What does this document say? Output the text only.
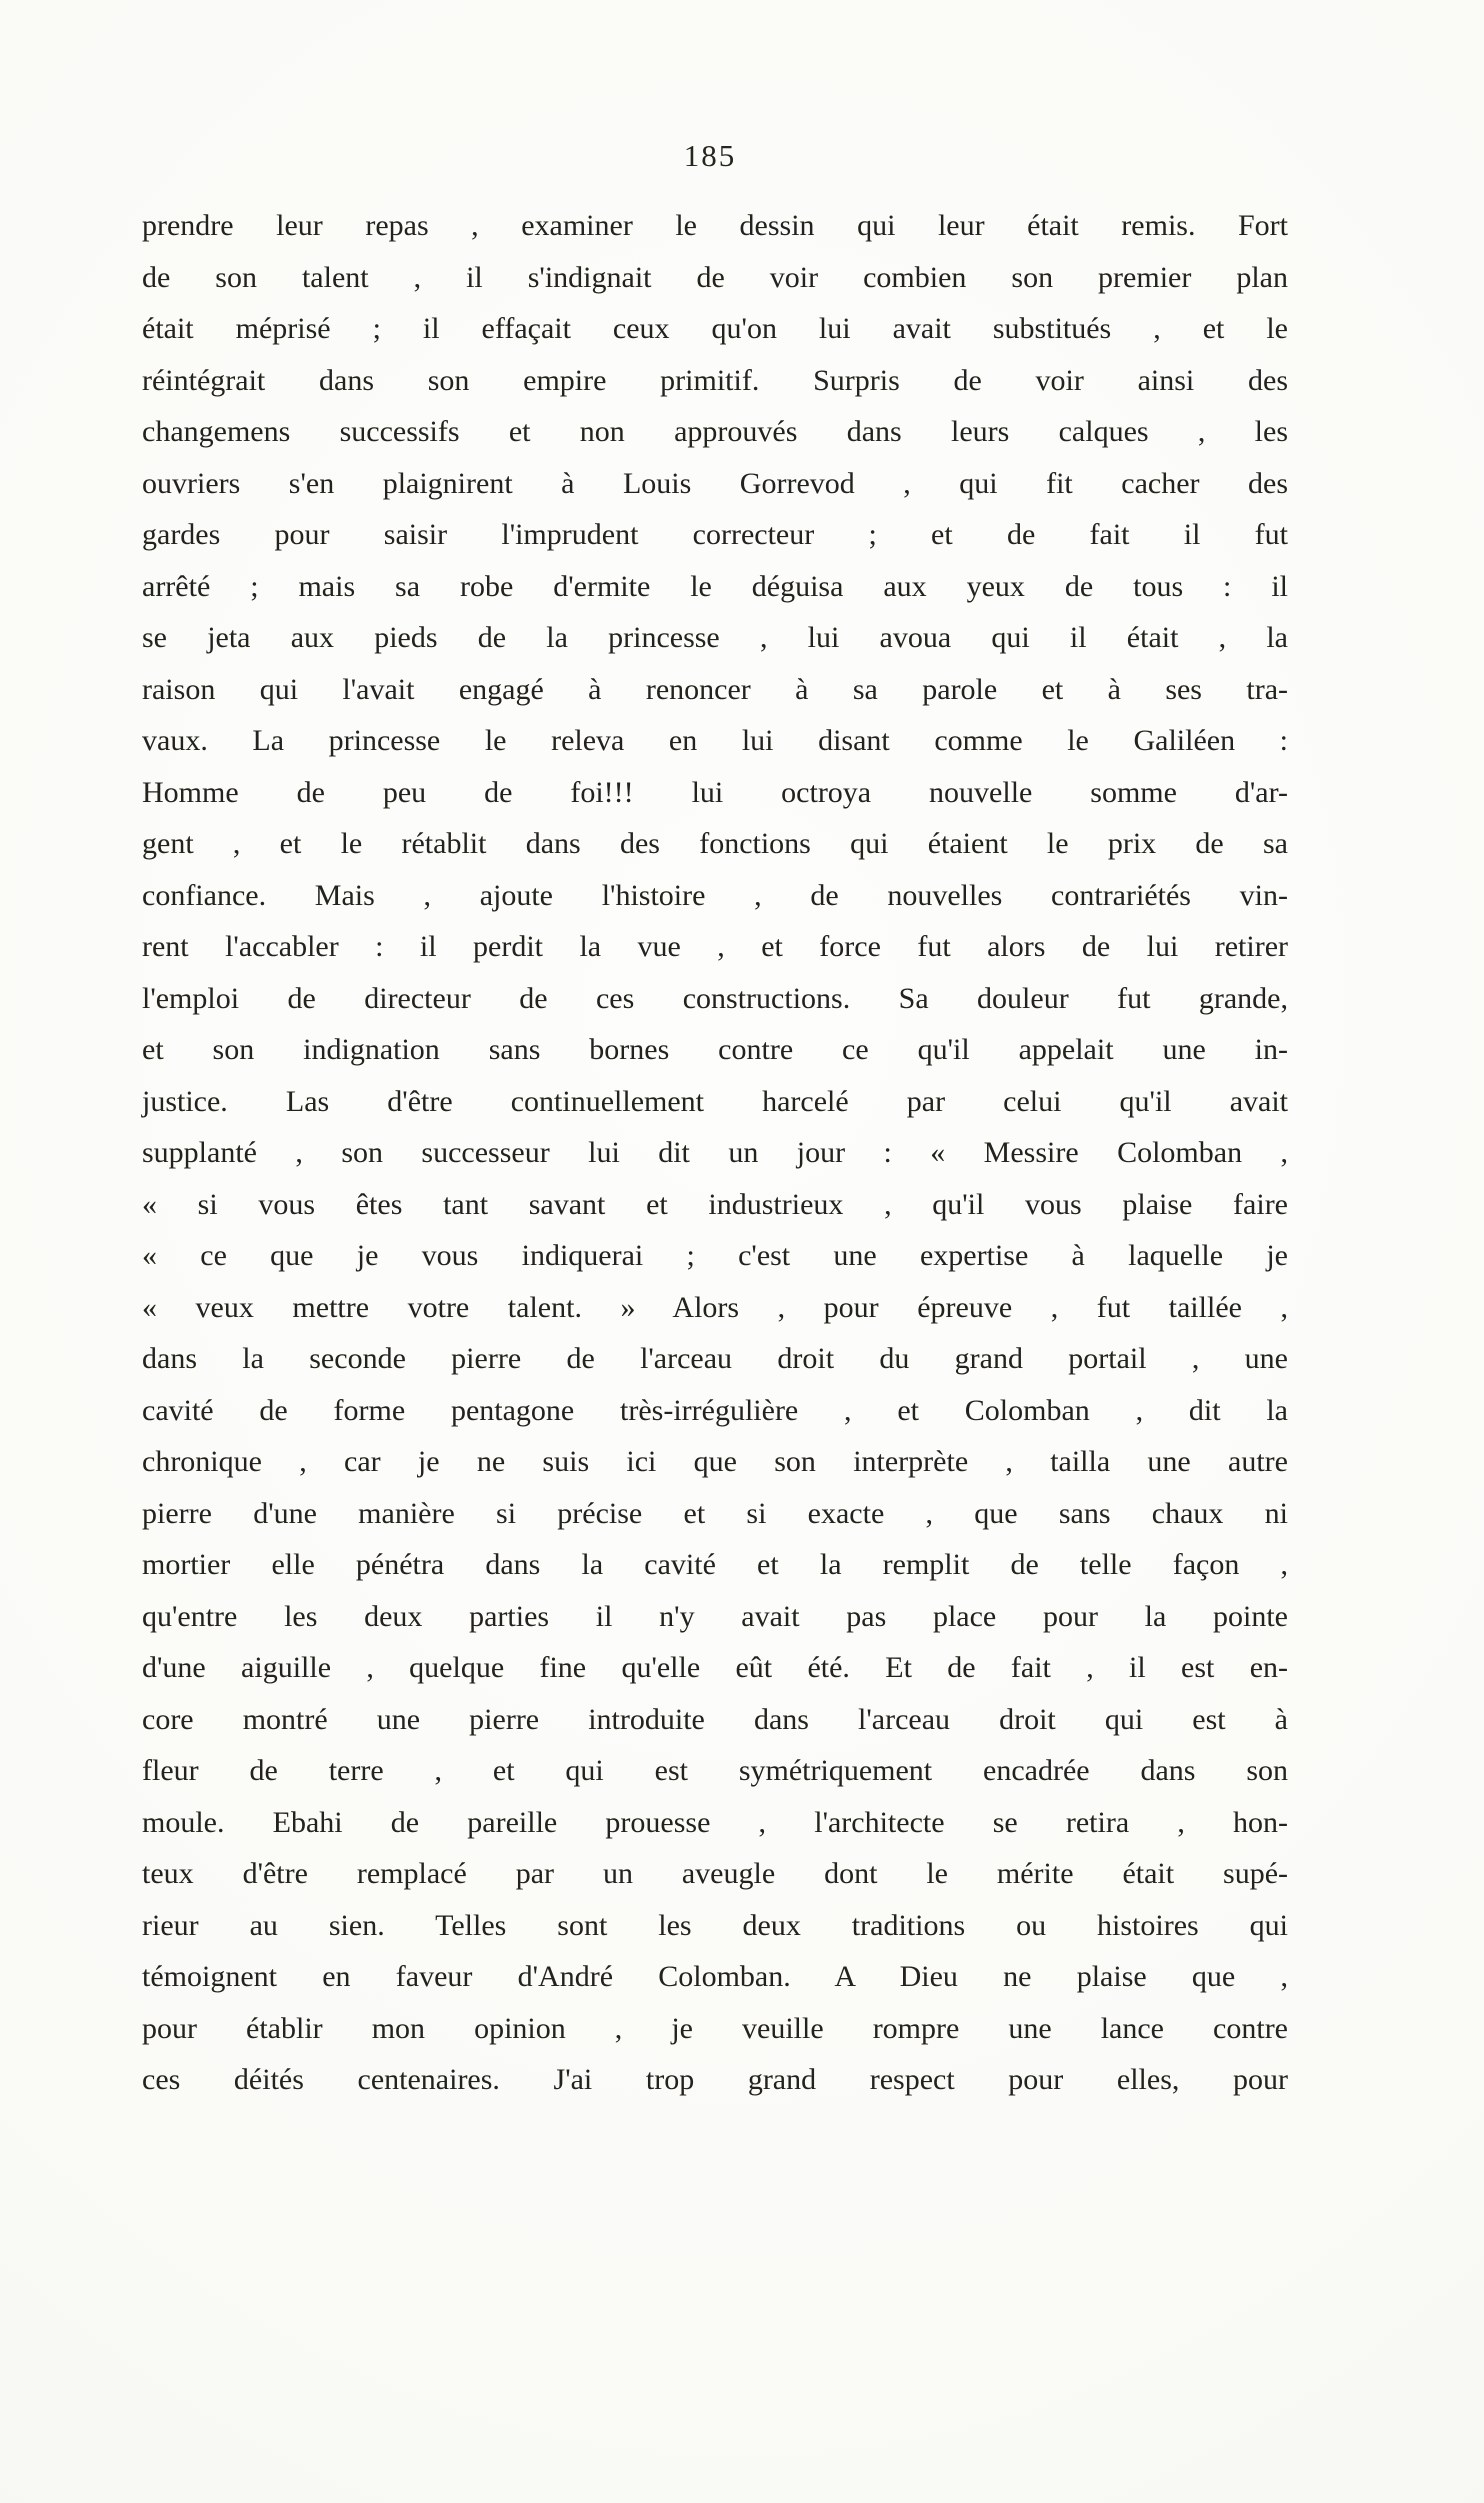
185
prendre leur repas , examiner le dessin qui leur était remis. Fort
de son talent , il s'indignait de voir combien son premier plan
était méprisé ; il effaçait ceux qu'on lui avait substitués , et le
réintégrait dans son empire primitif. Surpris de voir ainsi des
changemens successifs et non approuvés dans leurs calques , les
ouvriers s'en plaignirent à Louis Gorrevod , qui fit cacher des
gardes pour saisir l'imprudent correcteur ; et de fait il fut
arrêté ; mais sa robe d'ermite le déguisa aux yeux de tous : il
se jeta aux pieds de la princesse , lui avoua qui il était , la
raison qui l'avait engagé à renoncer à sa parole et à ses tra-
vaux. La princesse le releva en lui disant comme le Galiléen :
Homme de peu de foi!!! lui octroya nouvelle somme d'ar-
gent , et le rétablit dans des fonctions qui étaient le prix de sa
confiance. Mais , ajoute l'histoire , de nouvelles contrariétés vin-
rent l'accabler : il perdit la vue , et force fut alors de lui retirer
l'emploi de directeur de ces constructions. Sa douleur fut grande,
et son indignation sans bornes contre ce qu'il appelait une in-
justice. Las d'être continuellement harcelé par celui qu'il avait
supplanté , son successeur lui dit un jour : « Messire Colomban ,
« si vous êtes tant savant et industrieux , qu'il vous plaise faire
« ce que je vous indiquerai ; c'est une expertise à laquelle je
« veux mettre votre talent. » Alors , pour épreuve , fut taillée ,
dans la seconde pierre de l'arceau droit du grand portail , une
cavité de forme pentagone très-irrégulière , et Colomban , dit la
chronique , car je ne suis ici que son interprète , tailla une autre
pierre d'une manière si précise et si exacte , que sans chaux ni
mortier elle pénétra dans la cavité et la remplit de telle façon ,
qu'entre les deux parties il n'y avait pas place pour la pointe
d'une aiguille , quelque fine qu'elle eût été. Et de fait , il est en-
core montré une pierre introduite dans l'arceau droit qui est à
fleur de terre , et qui est symétriquement encadrée dans son
moule. Ebahi de pareille prouesse , l'architecte se retira , hon-
teux d'être remplacé par un aveugle dont le mérite était supé-
rieur au sien. Telles sont les deux traditions ou histoires qui
témoignent en faveur d'André Colomban. A Dieu ne plaise que ,
pour établir mon opinion , je veuille rompre une lance contre
ces déités centenaires. J'ai trop grand respect pour elles, pour
